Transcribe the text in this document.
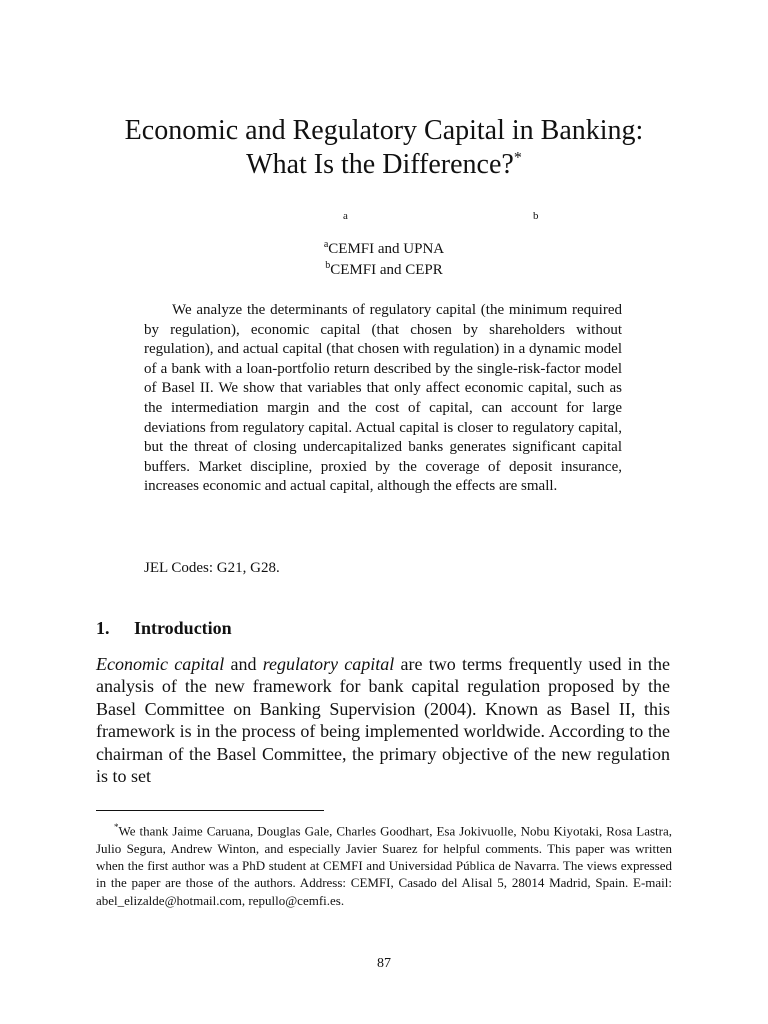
Economic and Regulatory Capital in Banking:
What Is the Difference?*
a	b
$^a$CEMFI and UPNA
$^b$CEMFI and CEPR

We analyze the determinants of regulatory capital (the minimum required by regulation), economic capital (that chosen by shareholders without regulation), and actual capital (that chosen with regulation) in a dynamic model of a bank with a loan-portfolio return described by the single-risk-factor model of Basel II. We show that variables that only affect economic capital, such as the intermediation margin and the cost of capital, can account for large deviations from regulatory capital. Actual capital is closer to regulatory capital, but the threat of closing undercapitalized banks generates significant capital buffers. Market discipline, proxied by the coverage of deposit insurance, increases economic and actual capital, although the effects are small.

JEL Codes: G21, G28.

1. Introduction

Economic capital and regulatory capital are two terms frequently used in the analysis of the new framework for bank capital regulation proposed by the Basel Committee on Banking Supervision (2004). Known as Basel II, this framework is in the process of being implemented worldwide. According to the chairman of the Basel Committee, the primary objective of the new regulation is to set

*We thank Jaime Caruana, Douglas Gale, Charles Goodhart, Esa Jokivuolle, Nobu Kiyotaki, Rosa Lastra, Julio Segura, Andrew Winton, and especially Javier Suarez for helpful comments. This paper was written when the first author was a PhD student at CEMFI and Universidad Pública de Navarra. The views expressed in the paper are those of the authors. Address: CEMFI, Casado del Alisal 5, 28014 Madrid, Spain. E-mail: abel_elizalde@hotmail.com, repullo@cemfi.es.

87
